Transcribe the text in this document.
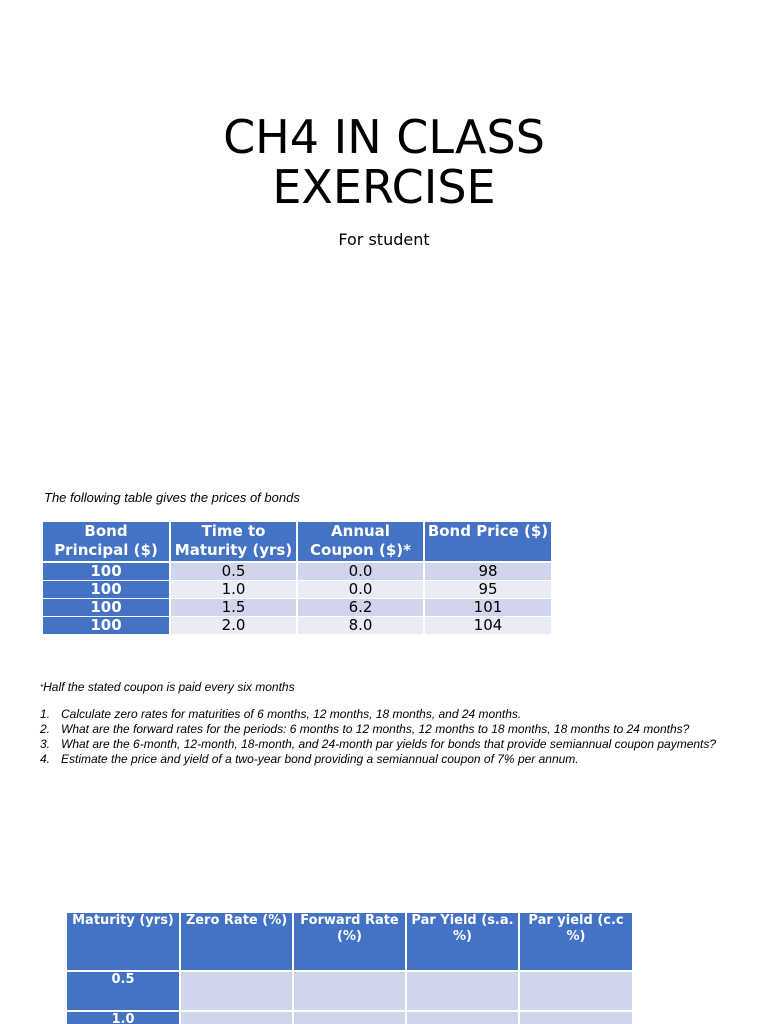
CH4 IN CLASS
EXERCISE
For student
The following table gives the prices of bonds
Bond Principal ($)	Time to Maturity (yrs)	Annual Coupon ($)*	Bond Price ($)
100	0.5	0.0	98
100	1.0	0.0	95
100	1.5	6.2	101
100	2.0	8.0	104
*Half the stated coupon is paid every six months
1. Calculate zero rates for maturities of 6 months, 12 months, 18 months, and 24 months.
2. What are the forward rates for the periods: 6 months to 12 months, 12 months to 18 months, 18 months to 24 months?
3. What are the 6-month, 12-month, 18-month, and 24-month par yields for bonds that provide semiannual coupon payments?
4. Estimate the price and yield of a two-year bond providing a semiannual coupon of 7% per annum.
Maturity (yrs)	Zero Rate (%)	Forward Rate (%)	Par Yield (s.a. %)	Par yield (c.c %)
0.5				
1.0				
